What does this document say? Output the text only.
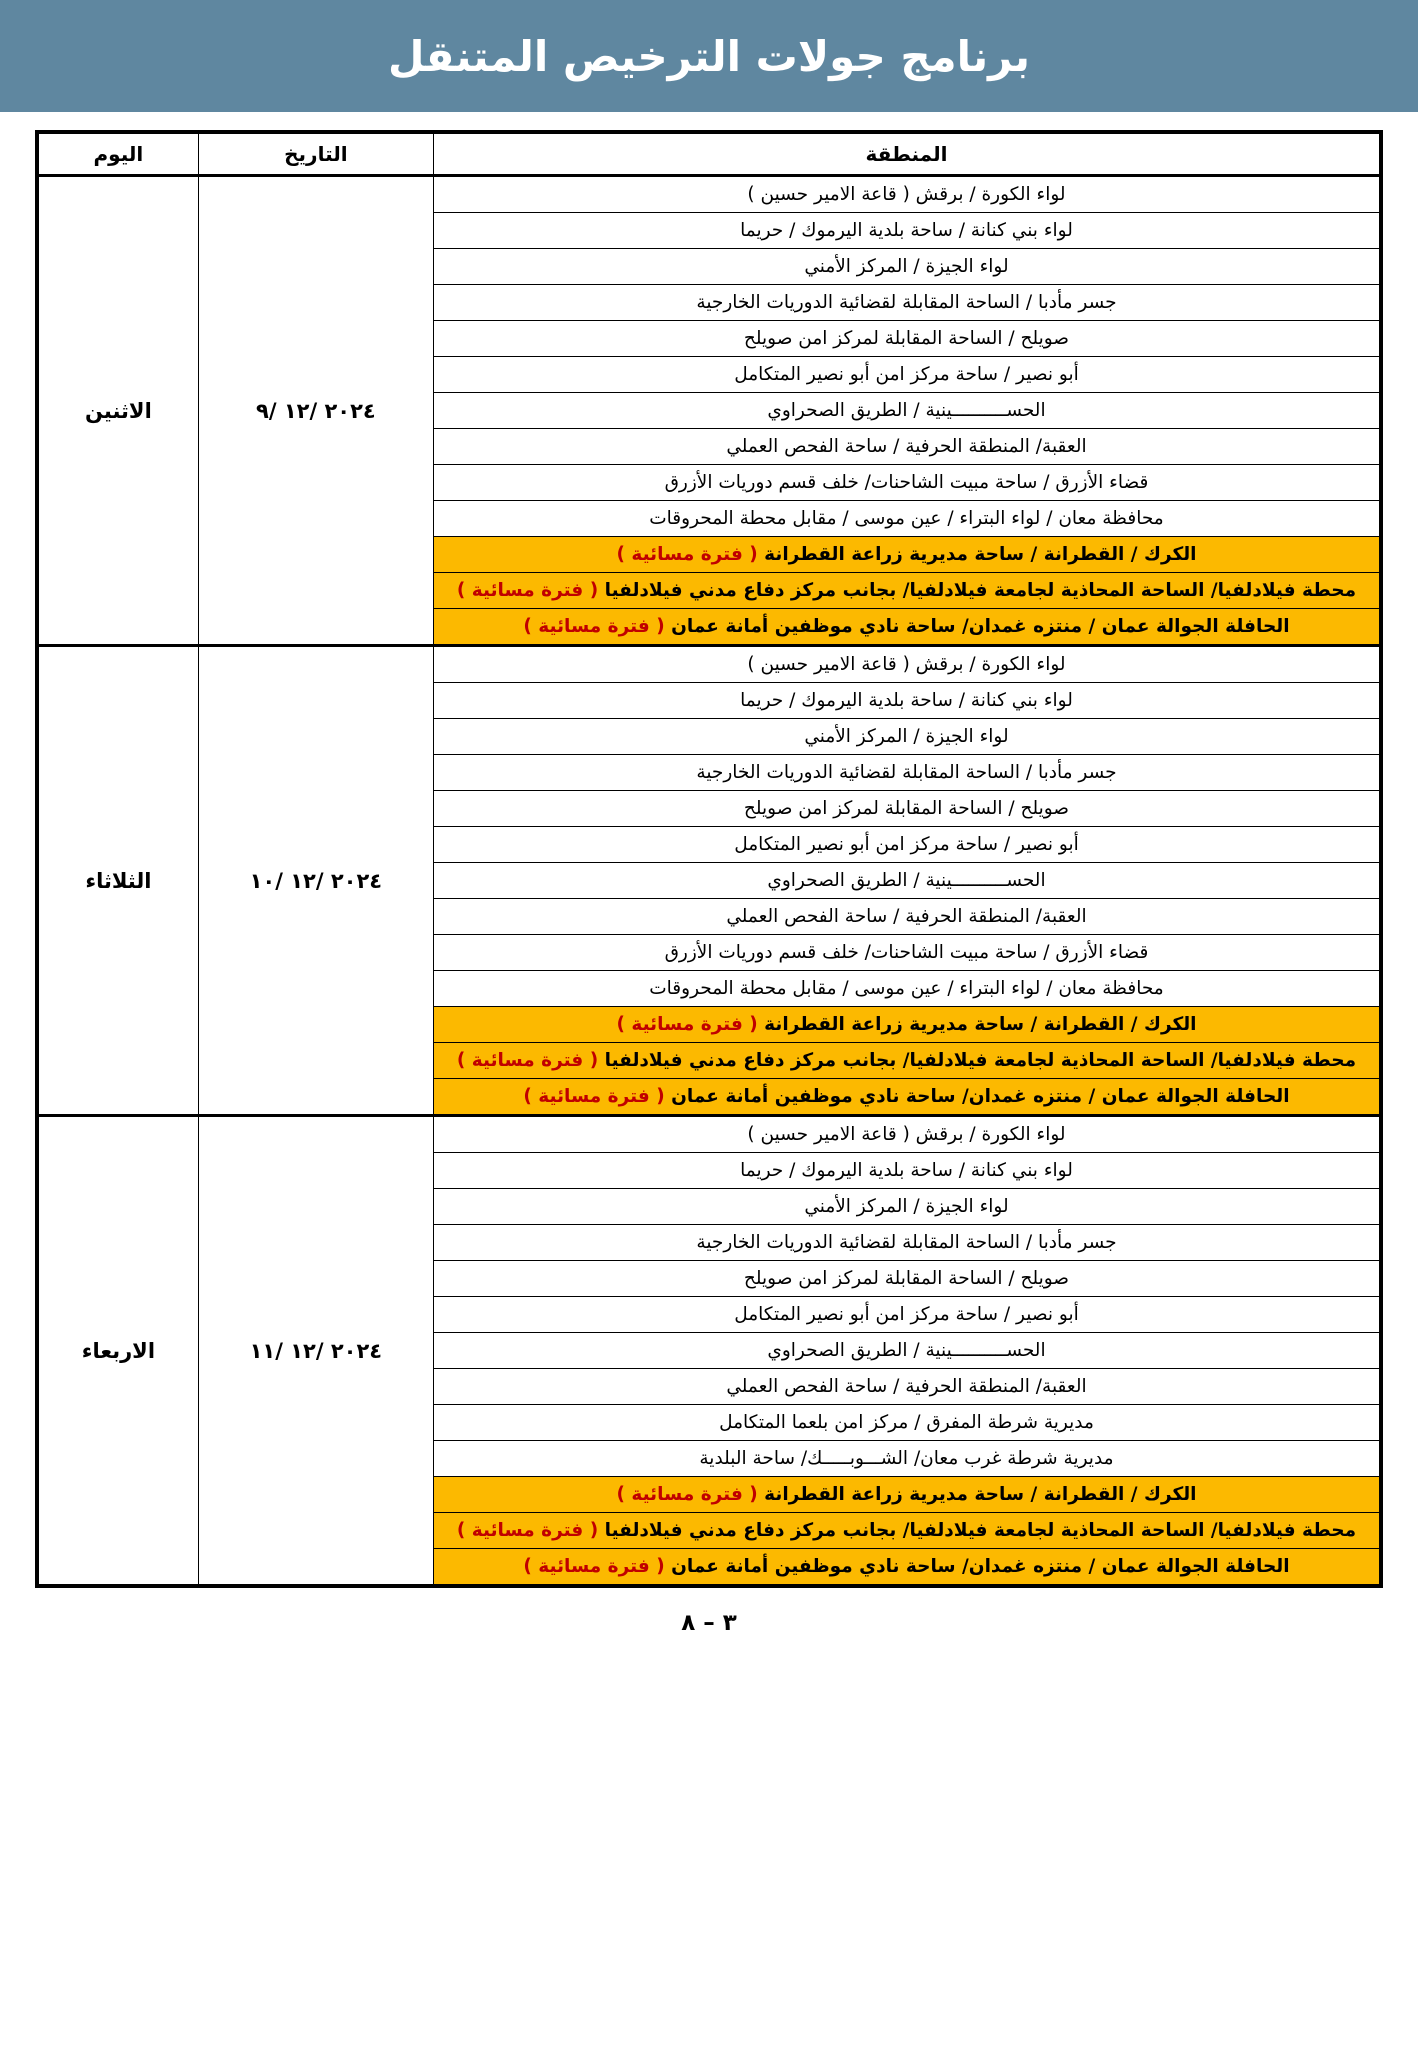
برنامج جولات الترخيص المتنقل
المنطقة	التاريخ	اليوم
لواء الكورة / برقش ( قاعة الامير حسين )	٢٠٢٤ /١٢ /٩	الاثنين
لواء بني كنانة / ساحة بلدية اليرموك / حريما		
لواء الجيزة / المركز الأمني		
جسر مأدبا / الساحة المقابلة لقضائية الدوريات الخارجية		
صويلح / الساحة المقابلة لمركز امن صويلح		
أبو نصير / ساحة مركز امن أبو نصير المتكامل		
الحســــــــــينية / الطريق الصحراوي		
العقبة/ المنطقة الحرفية / ساحة الفحص العملي		
قضاء الأزرق / ساحة مبيت الشاحنات/ خلف قسم دوريات الأزرق		
محافظة معان / لواء البتراء / عين موسى / مقابل محطة المحروقات		
الكرك / القطرانة / ساحة مديرية زراعة القطرانة ( فترة مسائية )		
محطة فيلادلفيا/ الساحة المحاذية لجامعة فيلادلفيا/ بجانب مركز دفاع مدني فيلادلفيا ( فترة مسائية )		
الحافلة الجوالة عمان / منتزه غمدان/ ساحة نادي موظفين أمانة عمان ( فترة مسائية )		
لواء الكورة / برقش ( قاعة الامير حسين )	٢٠٢٤ /١٢ /١٠	الثلاثاء
لواء بني كنانة / ساحة بلدية اليرموك / حريما		
لواء الجيزة / المركز الأمني		
جسر مأدبا / الساحة المقابلة لقضائية الدوريات الخارجية		
صويلح / الساحة المقابلة لمركز امن صويلح		
أبو نصير / ساحة مركز امن أبو نصير المتكامل		
الحســــــــــينية / الطريق الصحراوي		
العقبة/ المنطقة الحرفية / ساحة الفحص العملي		
قضاء الأزرق / ساحة مبيت الشاحنات/ خلف قسم دوريات الأزرق		
محافظة معان / لواء البتراء / عين موسى / مقابل محطة المحروقات		
الكرك / القطرانة / ساحة مديرية زراعة القطرانة ( فترة مسائية )		
محطة فيلادلفيا/ الساحة المحاذية لجامعة فيلادلفيا/ بجانب مركز دفاع مدني فيلادلفيا ( فترة مسائية )		
الحافلة الجوالة عمان / منتزه غمدان/ ساحة نادي موظفين أمانة عمان ( فترة مسائية )		
لواء الكورة / برقش ( قاعة الامير حسين )	٢٠٢٤ /١٢ /١١	الاربعاء
لواء بني كنانة / ساحة بلدية اليرموك / حريما		
لواء الجيزة / المركز الأمني		
جسر مأدبا / الساحة المقابلة لقضائية الدوريات الخارجية		
صويلح / الساحة المقابلة لمركز امن صويلح		
أبو نصير / ساحة مركز امن أبو نصير المتكامل		
الحســــــــــينية / الطريق الصحراوي		
العقبة/ المنطقة الحرفية / ساحة الفحص العملي		
مديرية شرطة المفرق / مركز امن بلعما المتكامل		
مديرية شرطة غرب معان/ الشـــوبـــــك/ ساحة البلدية		
الكرك / القطرانة / ساحة مديرية زراعة القطرانة ( فترة مسائية )		
محطة فيلادلفيا/ الساحة المحاذية لجامعة فيلادلفيا/ بجانب مركز دفاع مدني فيلادلفيا ( فترة مسائية )		
الحافلة الجوالة عمان / منتزه غمدان/ ساحة نادي موظفين أمانة عمان ( فترة مسائية )		
٣ – ٨
